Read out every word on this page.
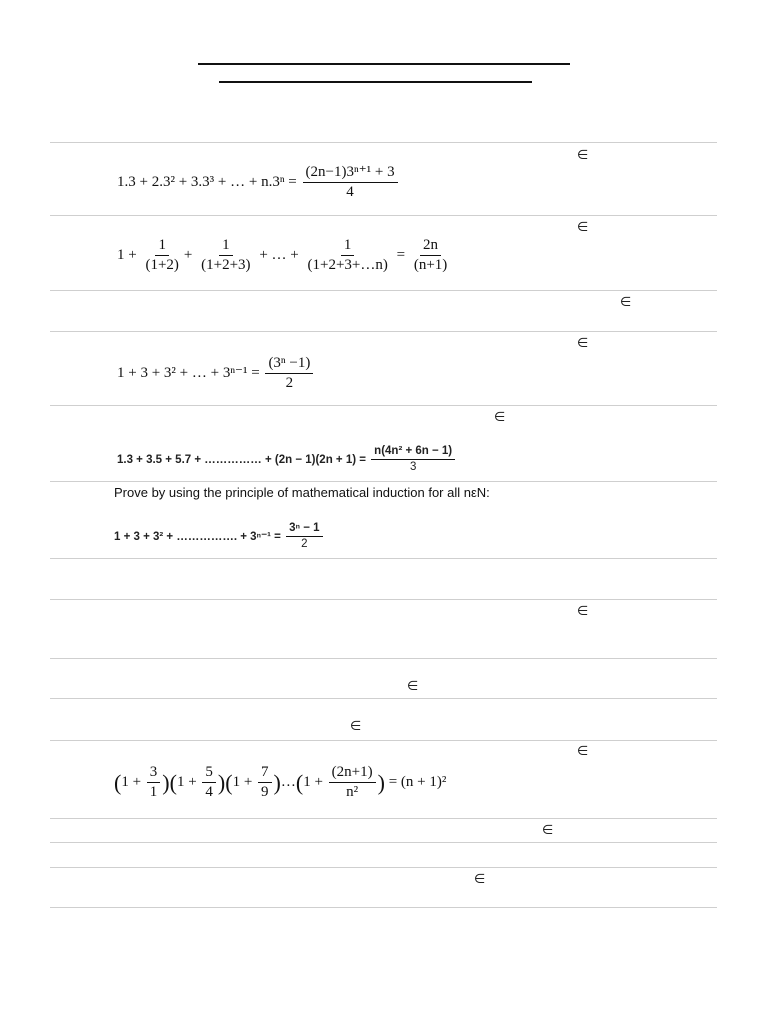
∈
∈
∈
∈
∈
∈
∈
∈
∈
∈
∈
1.3 + 2.3² + 3.3³ + … + $n.3^n = \frac{\text{(2n−1)3ⁿ⁺¹ + 3}}{4}$
$1 + \frac{1}{(1+2)} + \frac{1}{(1+2+3)}$ + … + $\frac{1}{(1+2+3+\dots n)} = \frac{2n}{(n+1)}$
1 + 3 + 3² + … + $3^{n-1} = \frac{\text{(3ⁿ −1)}}{2}$
1.3 + 3.5 + 5.7 + …………… + $(2n - 1)(2n + 1) = \frac{\text{n(4n² + 6n − 1)}}{3}$
Prove by using the principle of mathematical induction for all nεN:
1 + 3 + 3² + ……………. + $3^{n-1} = \frac{\text{3ⁿ − 1}}{2}$
$(1 + \frac{3}{1} )(1 + \frac{5}{4} )(1 + \frac{7}{9}$ )…(1 + $\frac{(2n+1)}{\text{n²}}$ ) = (n + 1)²
